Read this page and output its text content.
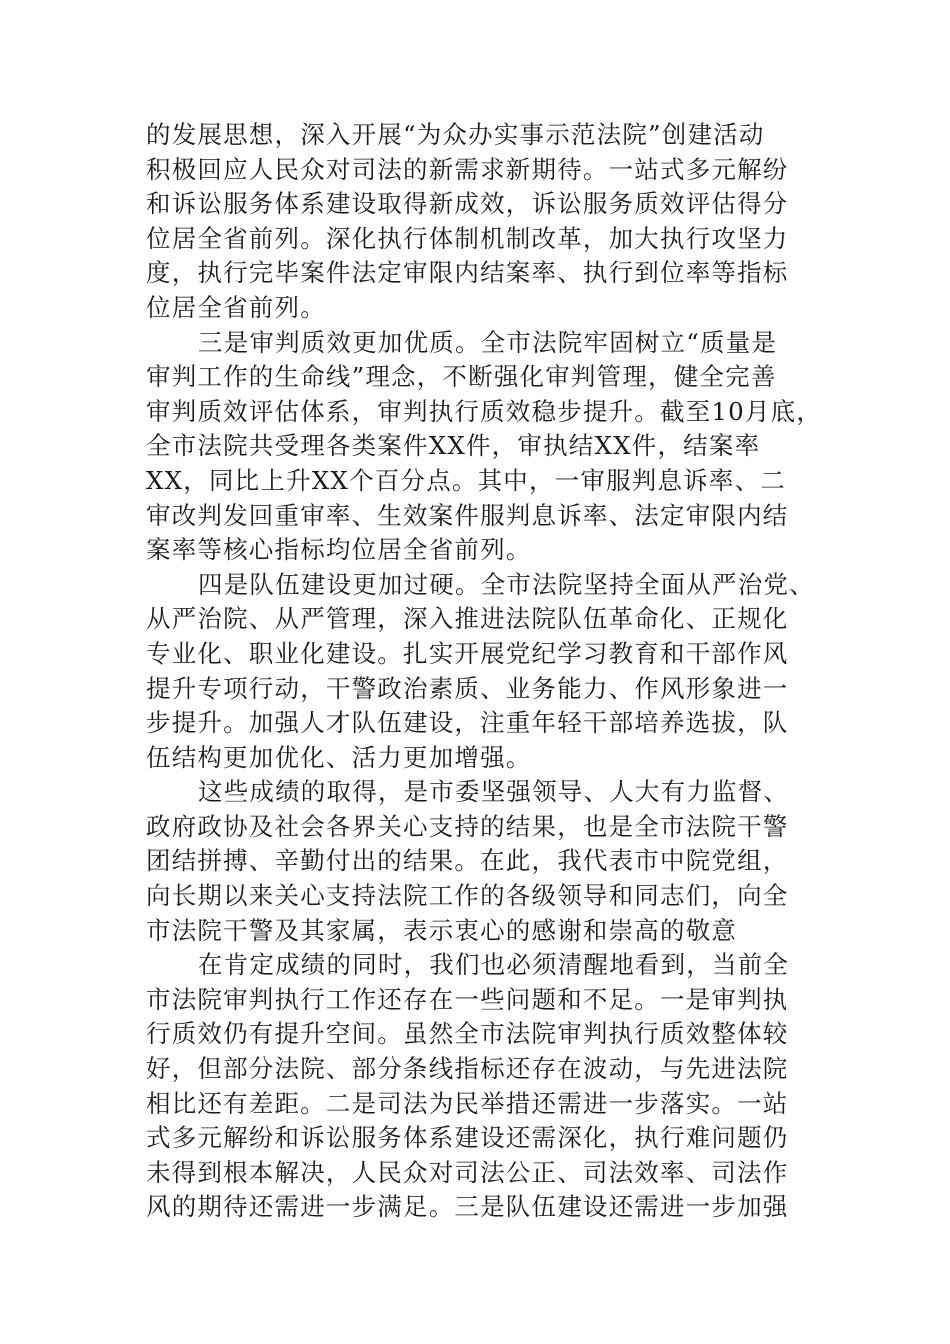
的发展思想，深入开展“为众办实事示范法院”创建活动
积极回应人民众对司法的新需求新期待。一站式多元解纷
和诉讼服务体系建设取得新成效，诉讼服务质效评估得分
位居全省前列。深化执行体制机制改革，加大执行攻坚力
度，执行完毕案件法定审限内结案率、执行到位率等指标
位居全省前列。
三是审判质效更加优质。全市法院牢固树立“质量是
审判工作的生命线”理念，不断强化审判管理，健全完善
审判质效评估体系，审判执行质效稳步提升。截至10月底，
全市法院共受理各类案件XX件，审执结XX件，结案率
XX，同比上升XX个百分点。其中，一审服判息诉率、二
审改判发回重审率、生效案件服判息诉率、法定审限内结
案率等核心指标均位居全省前列。
四是队伍建设更加过硬。全市法院坚持全面从严治党、
从严治院、从严管理，深入推进法院队伍革命化、正规化
专业化、职业化建设。扎实开展党纪学习教育和干部作风
提升专项行动，干警政治素质、业务能力、作风形象进一
步提升。加强人才队伍建设，注重年轻干部培养选拔，队
伍结构更加优化、活力更加增强。
这些成绩的取得，是市委坚强领导、人大有力监督、
政府政协及社会各界关心支持的结果，也是全市法院干警
团结拼搏、辛勤付出的结果。在此，我代表市中院党组，
向长期以来关心支持法院工作的各级领导和同志们，向全
市法院干警及其家属，表示衷心的感谢和崇高的敬意
在肯定成绩的同时，我们也必须清醒地看到，当前全
市法院审判执行工作还存在一些问题和不足。一是审判执
行质效仍有提升空间。虽然全市法院审判执行质效整体较
好，但部分法院、部分条线指标还存在波动，与先进法院
相比还有差距。二是司法为民举措还需进一步落实。一站
式多元解纷和诉讼服务体系建设还需深化，执行难问题仍
未得到根本解决，人民众对司法公正、司法效率、司法作
风的期待还需进一步满足。三是队伍建设还需进一步加强
